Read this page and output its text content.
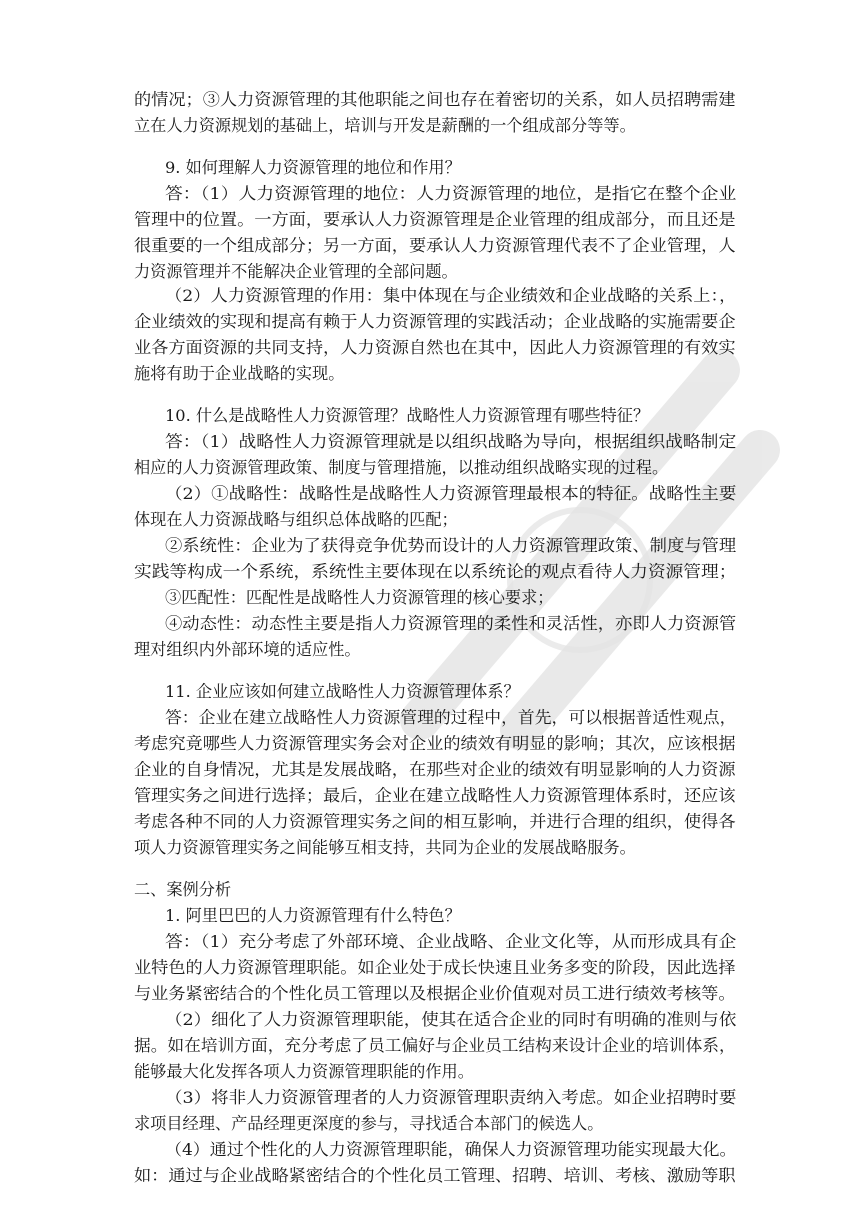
的情况；③人力资源管理的其他职能之间也存在着密切的关系，如人员招聘需建
立在人力资源规划的基础上，培训与开发是薪酬的一个组成部分等等。
9. 如何理解人力资源管理的地位和作用？
答：（1）人力资源管理的地位：人力资源管理的地位，是指它在整个企业
管理中的位置。一方面，要承认人力资源管理是企业管理的组成部分，而且还是
很重要的一个组成部分；另一方面，要承认人力资源管理代表不了企业管理，人
力资源管理并不能解决企业管理的全部问题。
（2）人力资源管理的作用：集中体现在与企业绩效和企业战略的关系上：，
企业绩效的实现和提高有赖于人力资源管理的实践活动；企业战略的实施需要企
业各方面资源的共同支持，人力资源自然也在其中，因此人力资源管理的有效实
施将有助于企业战略的实现。
10. 什么是战略性人力资源管理？战略性人力资源管理有哪些特征？
答：（1）战略性人力资源管理就是以组织战略为导向，根据组织战略制定
相应的人力资源管理政策、制度与管理措施，以推动组织战略实现的过程。
（2）①战略性：战略性是战略性人力资源管理最根本的特征。战略性主要
体现在人力资源战略与组织总体战略的匹配；
②系统性：企业为了获得竞争优势而设计的人力资源管理政策、制度与管理
实践等构成一个系统，系统性主要体现在以系统论的观点看待人力资源管理；
③匹配性：匹配性是战略性人力资源管理的核心要求；
④动态性：动态性主要是指人力资源管理的柔性和灵活性，亦即人力资源管
理对组织内外部环境的适应性。
11. 企业应该如何建立战略性人力资源管理体系？
答：企业在建立战略性人力资源管理的过程中，首先，可以根据普适性观点，
考虑究竟哪些人力资源管理实务会对企业的绩效有明显的影响；其次，应该根据
企业的自身情况，尤其是发展战略，在那些对企业的绩效有明显影响的人力资源
管理实务之间进行选择；最后，企业在建立战略性人力资源管理体系时，还应该
考虑各种不同的人力资源管理实务之间的相互影响，并进行合理的组织，使得各
项人力资源管理实务之间能够互相支持，共同为企业的发展战略服务。
二、案例分析
1. 阿里巴巴的人力资源管理有什么特色？
答：（1）充分考虑了外部环境、企业战略、企业文化等，从而形成具有企
业特色的人力资源管理职能。如企业处于成长快速且业务多变的阶段，因此选择
与业务紧密结合的个性化员工管理以及根据企业价值观对员工进行绩效考核等。
（2）细化了人力资源管理职能，使其在适合企业的同时有明确的准则与依
据。如在培训方面，充分考虑了员工偏好与企业员工结构来设计企业的培训体系，
能够最大化发挥各项人力资源管理职能的作用。
（3）将非人力资源管理者的人力资源管理职责纳入考虑。如企业招聘时要
求项目经理、产品经理更深度的参与，寻找适合本部门的候选人。
（4）通过个性化的人力资源管理职能，确保人力资源管理功能实现最大化。
如：通过与企业战略紧密结合的个性化员工管理、招聘、培训、考核、激励等职
